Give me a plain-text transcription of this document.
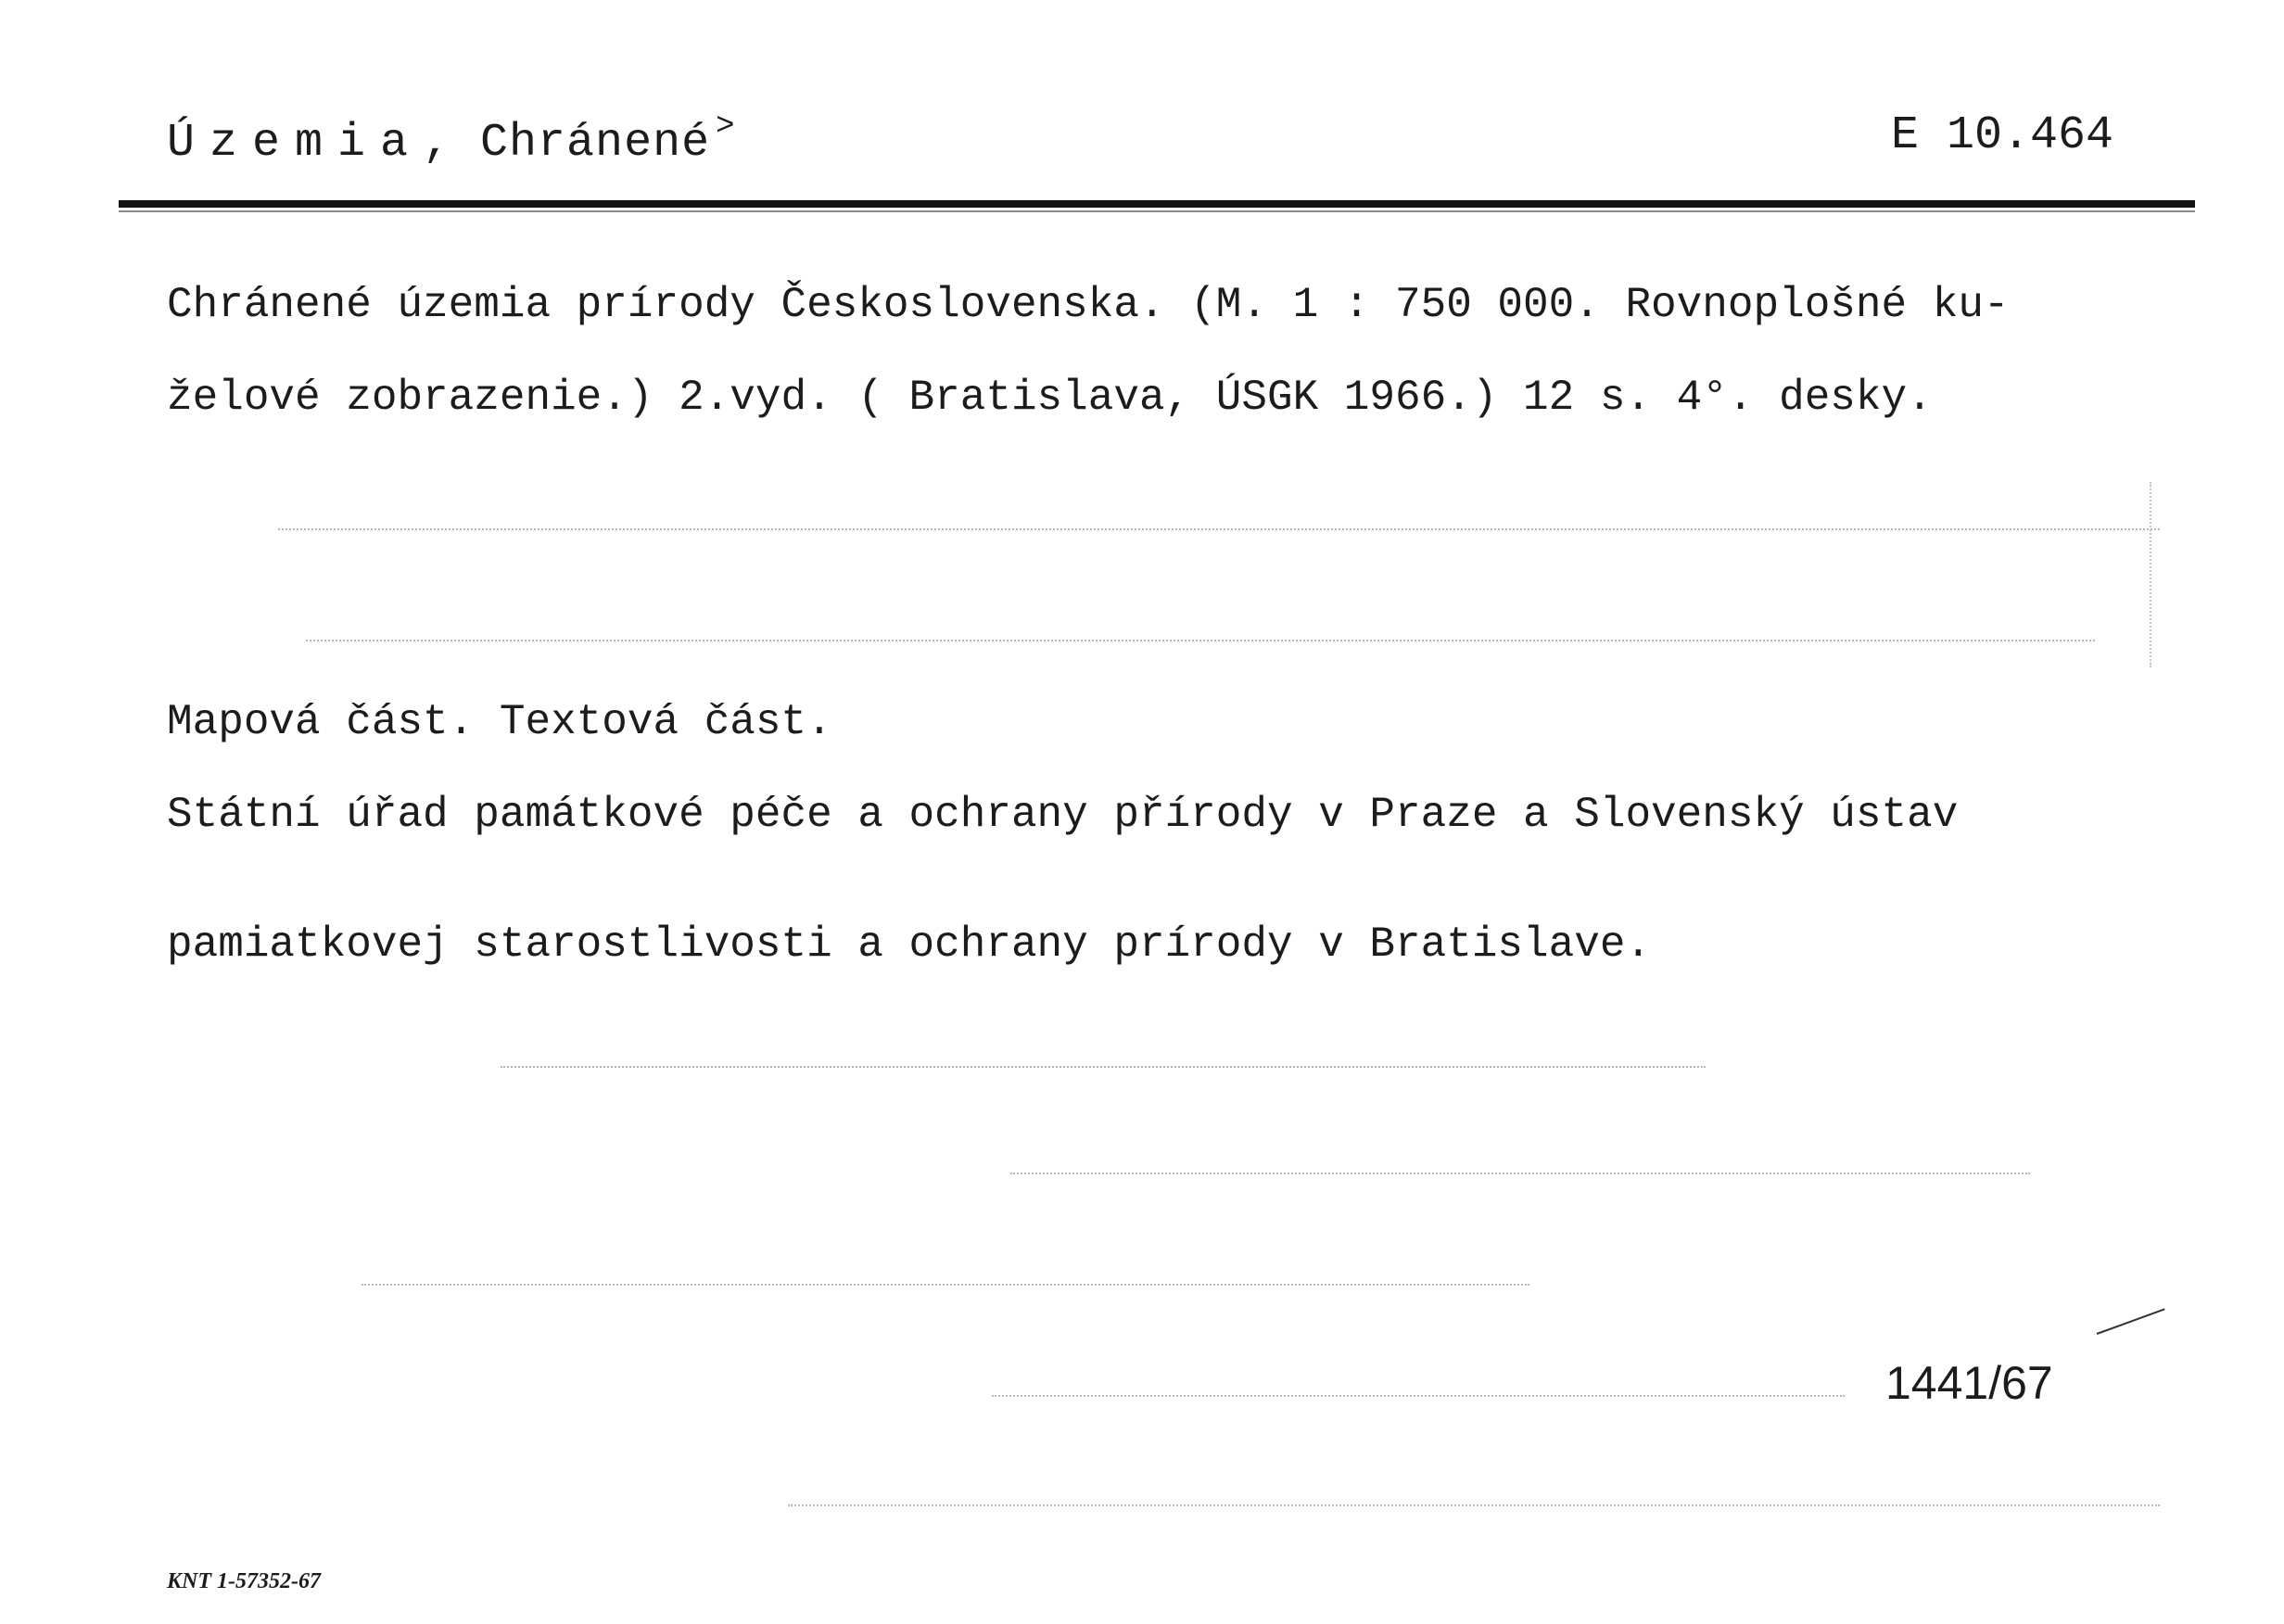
Územia, Chránené >	E 10.464
Chránené územia prírody Československa. (M. 1 : 750 000. Rovnoplošné ku-
želové zobrazenie.) 2.vyd. ( Bratislava, ÚSGK 1966.) 12 s. 4°. desky.
Mapová část. Textová část.
Státní úřad památkové péče a ochrany přírody v Praze a Slovenský ústav
pamiatkovej starostlivosti a ochrany prírody v Bratislave.
1441/67
KNT 1-57352-67
